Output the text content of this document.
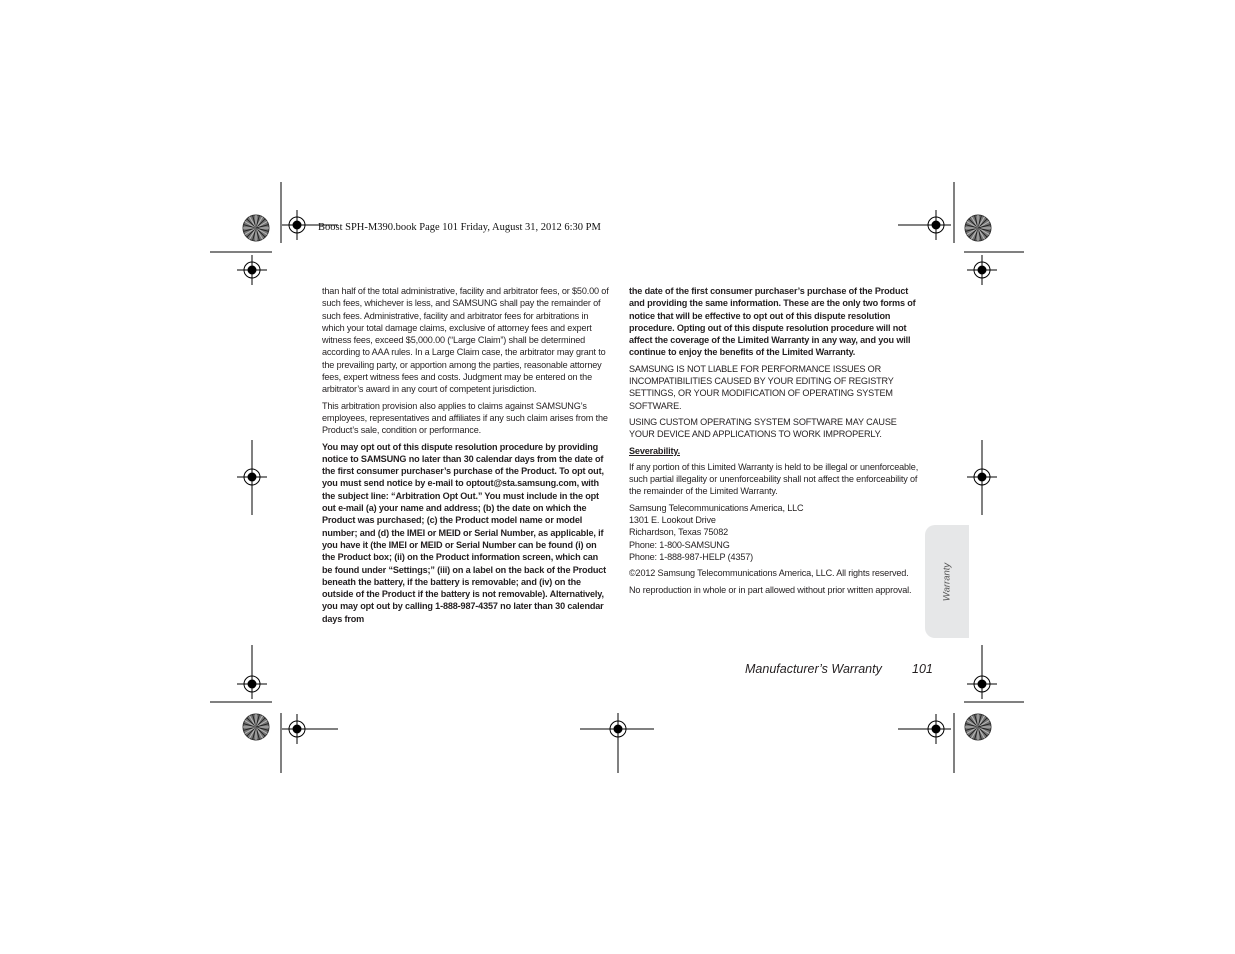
Boost SPH-M390.book Page 101 Friday, August 31, 2012 6:30 PM

than half of the total administrative, facility and arbitrator fees, or $50.00 of such fees, whichever is less, and SAMSUNG shall pay the remainder of such fees. Administrative, facility and arbitrator fees for arbitrations in which your total damage claims, exclusive of attorney fees and expert witness fees, exceed $5,000.00 (“Large Claim”) shall be determined according to AAA rules. In a Large Claim case, the arbitrator may grant to the prevailing party, or apportion among the parties, reasonable attorney fees, expert witness fees and costs. Judgment may be entered on the arbitrator’s award in any court of competent jurisdiction.

This arbitration provision also applies to claims against SAMSUNG’s employees, representatives and affiliates if any such claim arises from the Product’s sale, condition or performance.

You may opt out of this dispute resolution procedure by providing notice to SAMSUNG no later than 30 calendar days from the date of the first consumer purchaser’s purchase of the Product. To opt out, you must send notice by e-mail to optout@sta.samsung.com, with the subject line: “Arbitration Opt Out.” You must include in the opt out e-mail (a) your name and address; (b) the date on which the Product was purchased; (c) the Product model name or model number; and (d) the IMEI or MEID or Serial Number, as applicable, if you have it (the IMEI or MEID or Serial Number can be found (i) on the Product box; (ii) on the Product information screen, which can be found under “Settings;” (iii) on a label on the back of the Product beneath the battery, if the battery is removable; and (iv) on the outside of the Product if the battery is not removable). Alternatively, you may opt out by calling 1-888-987-4357 no later than 30 calendar days from

the date of the first consumer purchaser’s purchase of the Product and providing the same information. These are the only two forms of notice that will be effective to opt out of this dispute resolution procedure. Opting out of this dispute resolution procedure will not affect the coverage of the Limited Warranty in any way, and you will continue to enjoy the benefits of the Limited Warranty.

SAMSUNG IS NOT LIABLE FOR PERFORMANCE ISSUES OR INCOMPATIBILITIES CAUSED BY YOUR EDITING OF REGISTRY SETTINGS, OR YOUR MODIFICATION OF OPERATING SYSTEM SOFTWARE.

USING CUSTOM OPERATING SYSTEM SOFTWARE MAY CAUSE YOUR DEVICE AND APPLICATIONS TO WORK IMPROPERLY.

Severability.

If any portion of this Limited Warranty is held to be illegal or unenforceable, such partial illegality or unenforceability shall not affect the enforceability of the remainder of the Limited Warranty.

Samsung Telecommunications America, LLC

1301 E. Lookout Drive

Richardson, Texas 75082

Phone: 1-800-SAMSUNG

Phone: 1-888-987-HELP (4357)

©2012 Samsung Telecommunications America, LLC. All rights reserved.

No reproduction in whole or in part allowed without prior written approval.	Warranty
Manufacturer’s Warranty 101
